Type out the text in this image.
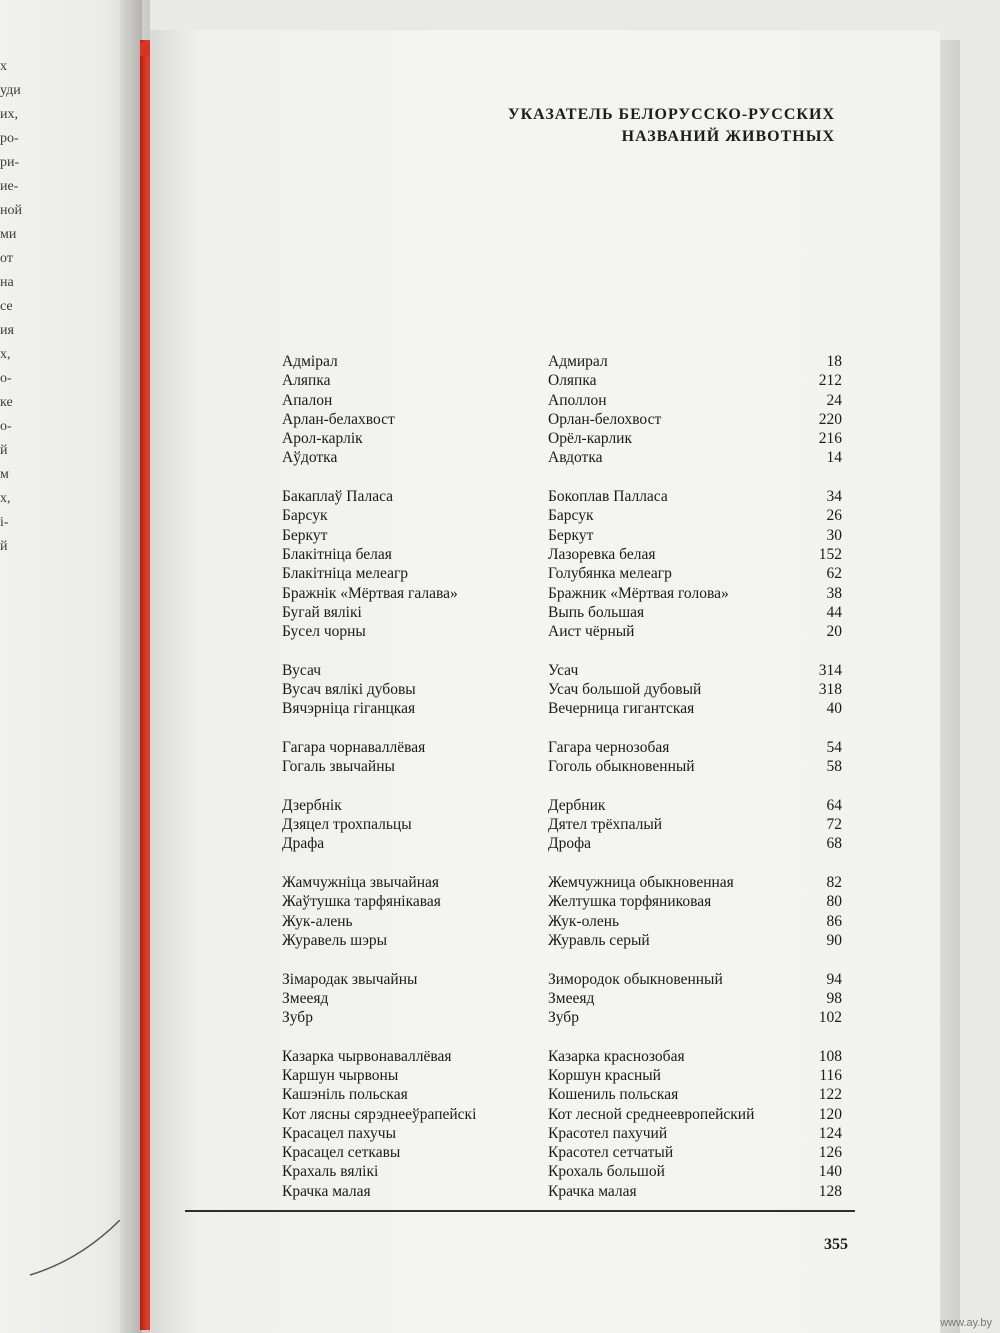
х
уди
их,
ро-
ри-
ие-
ной
ми
от
на
се
ия
х,
о-
ке
о-
й
м
х,
і-
й
УКАЗАТЕЛЬ БЕЛОРУССКО-РУССКИХ
НАЗВАНИЙ ЖИВОТНЫХ
Адмірал	Адмирал	18
Аляпка	Оляпка	212
Апалон	Аполлон	24
Арлан-белахвост	Орлан-белохвост	220
Арол-карлік	Орёл-карлик	216
Аўдотка	Авдотка	14
Бакаплаў Паласа	Бокоплав Палласа	34
Барсук	Барсук	26
Беркут	Беркут	30
Блакітніца белая	Лазоревка белая	152
Блакітніца мелеагр	Голубянка мелеагр	62
Бражнік «Мёртвая галава»	Бражник «Мёртвая голова»	38
Бугай вялікі	Выпь большая	44
Бусел чорны	Аист чёрный	20
Вусач	Усач	314
Вусач вялікі дубовы	Усач большой дубовый	318
Вячэрніца гіганцкая	Вечерница гигантская	40
Гагара чорнаваллёвая	Гагара чернозобая	54
Гогаль звычайны	Гоголь обыкновенный	58
Дзербнік	Дербник	64
Дзяцел трохпальцы	Дятел трёхпалый	72
Драфа	Дрофа	68
Жамчужніца звычайная	Жемчужница обыкновенная	82
Жаўтушка тарфянікавая	Желтушка торфяниковая	80
Жук-алень	Жук-олень	86
Журавель шэры	Журавль серый	90
Зімародак звычайны	Зимородок обыкновенный	94
Змееяд	Змееяд	98
Зубр	Зубр	102
Казарка чырвонаваллёвая	Казарка краснозобая	108
Каршун чырвоны	Коршун красный	116
Кашэніль польская	Кошениль польская	122
Кот лясны сярэднееўрапейскі	Кот лесной среднеевропейский	120
Красацел пахучы	Красотел пахучий	124
Красацел сеткавы	Красотел сетчатый	126
Крахаль вялікі	Крохаль большой	140
Крачка малая	Крачка малая	128
355
www.ay.by
